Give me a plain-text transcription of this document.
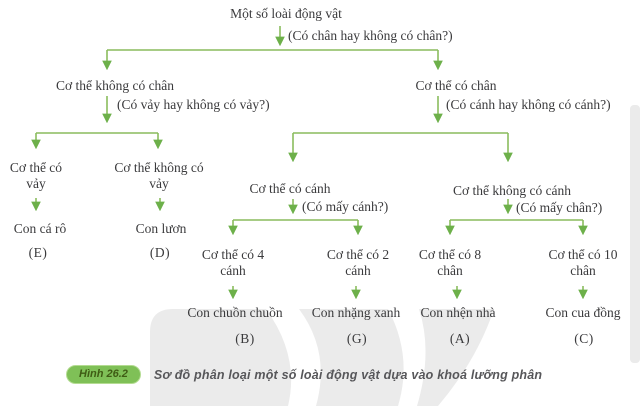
Một số loài động vật
(Có chân hay không có chân?)
Cơ thể không có chân
(Có vảy hay không có vảy?)
Cơ thể có chân
(Có cánh hay không có cánh?)
Cơ thể có vảy
Cơ thể không có vảy
Con cá rô	Con lươn
(E)	(D)
Cơ thể có cánh
(Có mấy cánh?)
Cơ thể không có cánh
(Có mấy chân?)
Cơ thể có 4 cánh
Cơ thể có 2 cánh
Cơ thể có 8 chân
Cơ thể có 10 chân
Con chuồn chuồn Con nhặng xanh Con nhện nhà	Con cua đồng
(B)	(G)	(A)	(C)
Hình 26.2	Sơ đồ phân loại một số loài động vật dựa vào khoá lưỡng phân
